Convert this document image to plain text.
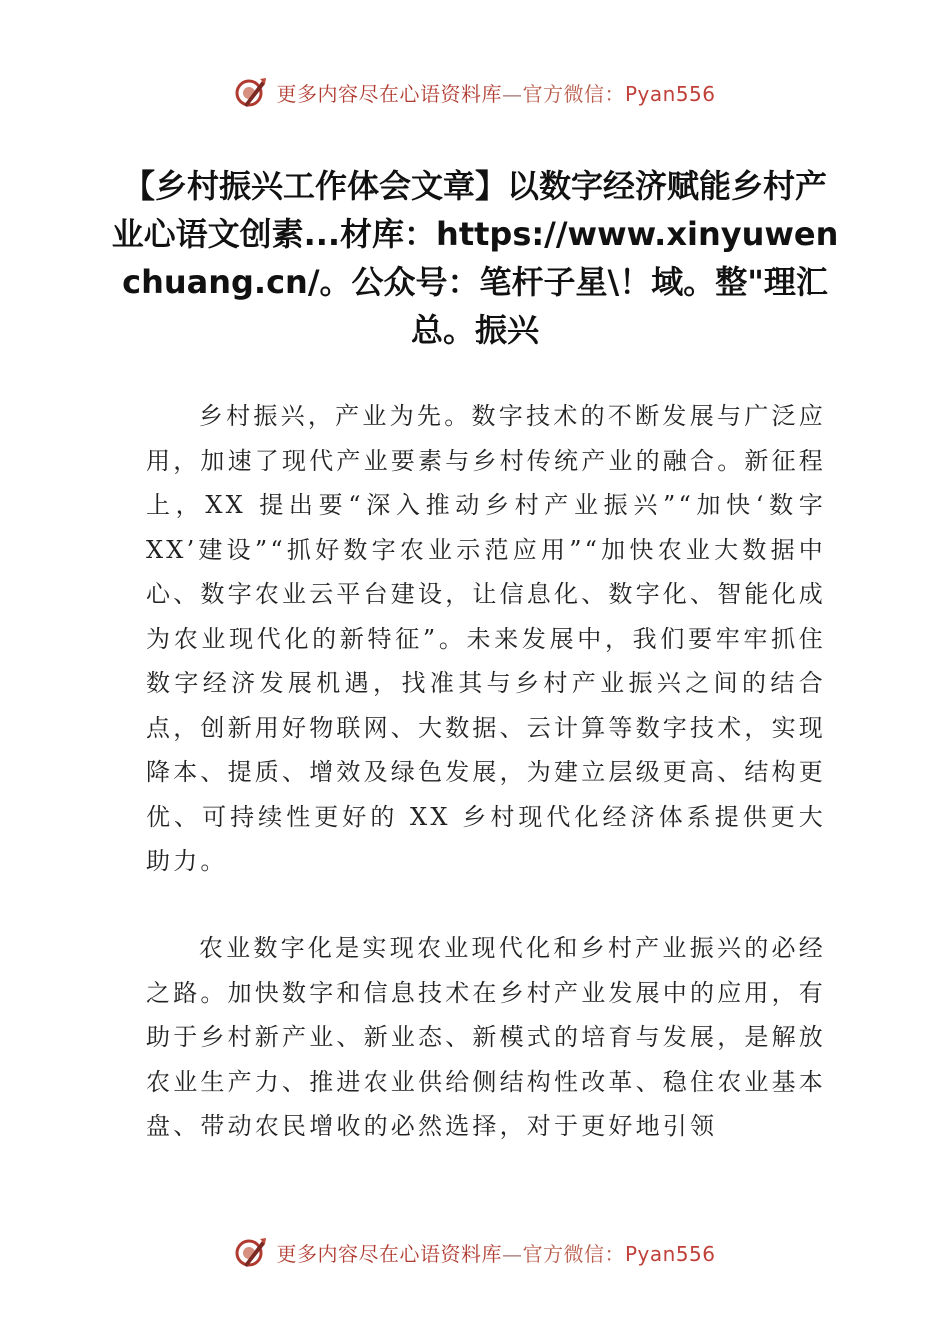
更多内容尽在心语资料库—官方微信：Pyan556
【乡村振兴工作体会文章】以数字经济赋能乡村产业心语文创素...材库：https://www.xinyuwenchuang.cn/。公众号：笔杆子星\！域。整"理汇总。振兴

乡村振兴，产业为先。数字技术的不断发展与广泛应用，加速了现代产业要素与乡村传统产业的融合。新征程上，XX 提出要“深入推动乡村产业振兴”“加快‘数字 XX’建设”“抓好数字农业示范应用”“加快农业大数据中心、数字农业云平台建设，让信息化、数字化、智能化成为农业现代化的新特征”。未来发展中，我们要牢牢抓住数字经济发展机遇，找准其与乡村产业振兴之间的结合点，创新用好物联网、大数据、云计算等数字技术，实现降本、提质、增效及绿色发展，为建立层级更高、结构更优、可持续性更好的 XX 乡村现代化经济体系提供更大助力。

农业数字化是实现农业现代化和乡村产业振兴的必经之路。加快数字和信息技术在乡村产业发展中的应用，有助于乡村新产业、新业态、新模式的培育与发展，是解放农业生产力、推进农业供给侧结构性改革、稳住农业基本盘、带动农民增收的必然选择，对于更好地引领

更多内容尽在心语资料库—官方微信：Pyan556
